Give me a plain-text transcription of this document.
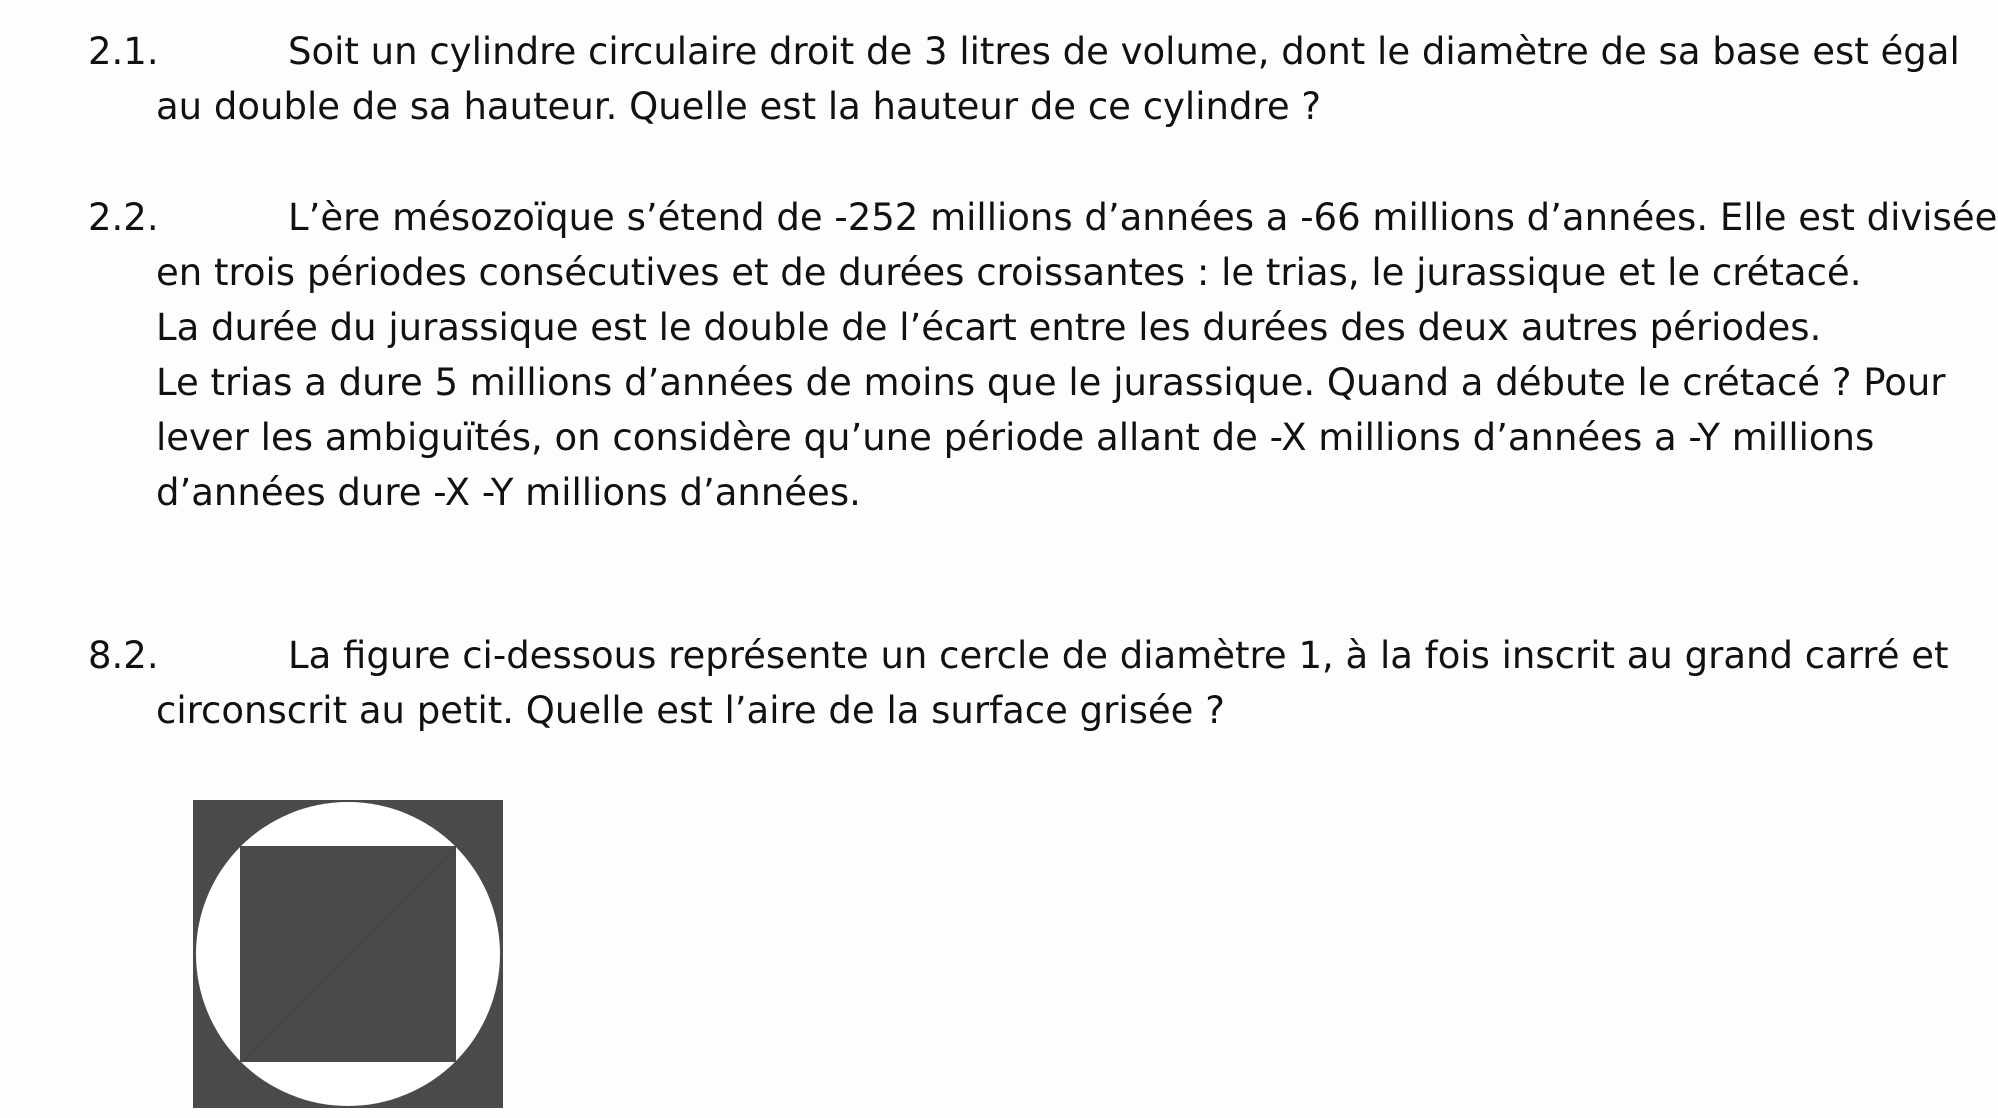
2.1.	Soit un cylindre circulaire droit de 3 litres de volume, dont le diamètre de sa base est égal
au double de sa hauteur. Quelle est la hauteur de ce cylindre ?
2.2.	L’ère mésozoïque s’étend de -252 millions d’années a -66 millions d’années. Elle est divisée
en trois périodes consécutives et de durées croissantes : le trias, le jurassique et le crétacé.
La durée du jurassique est le double de l’écart entre les durées des deux autres périodes.
Le trias a dure 5 millions d’années de moins que le jurassique. Quand a débute le crétacé ? Pour
lever les ambiguïtés, on considère qu’une période allant de -X millions d’années a -Y millions
d’années dure -X -Y millions d’années.
8.2.	La figure ci-dessous représente un cercle de diamètre 1, à la fois inscrit au grand carré et
circonscrit au petit. Quelle est l’aire de la surface grisée ?
